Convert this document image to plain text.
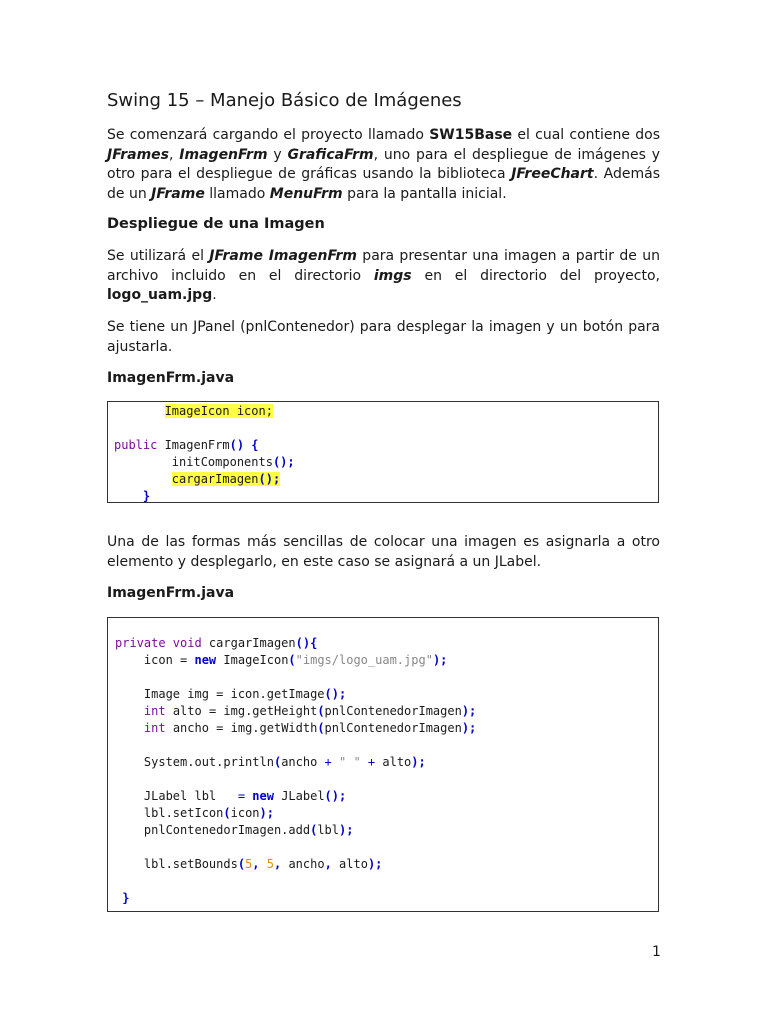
Swing 15 – Manejo Básico de Imágenes

Se comenzará cargando el proyecto llamado SW15Base el cual contiene dos JFrames, ImagenFrm y GraficaFrm, uno para el despliegue de imágenes y otro para el despliegue de gráficas usando la biblioteca JFreeChart. Además de un JFrame llamado MenuFrm para la pantalla inicial.

Despliegue de una Imagen

Se utilizará el JFrame ImagenFrm para presentar una imagen a partir de un archivo incluido en el directorio imgs en el directorio del proyecto, logo_uam.jpg.

Se tiene un JPanel (pnlContenedor) para desplegar la imagen y un botón para ajustarla.

ImagenFrm.java
ImageIcon icon;

public ImagenFrm() {
initComponents();
cargarImagen();
}

Una de las formas más sencillas de colocar una imagen es asignarla a otro elemento y desplegarlo, en este caso se asignará a un JLabel.

ImagenFrm.java
private void cargarImagen(){
icon = new ImageIcon("imgs/logo_uam.jpg");

Image img = icon.getImage();
int alto = img.getHeight(pnlContenedorImagen);
int ancho = img.getWidth(pnlContenedorImagen);

System.out.println(ancho + " " + alto);

JLabel lbl   = new JLabel();
lbl.setIcon(icon);
pnlContenedorImagen.add(lbl);

lbl.setBounds(5, 5, ancho, alto);

}
1
